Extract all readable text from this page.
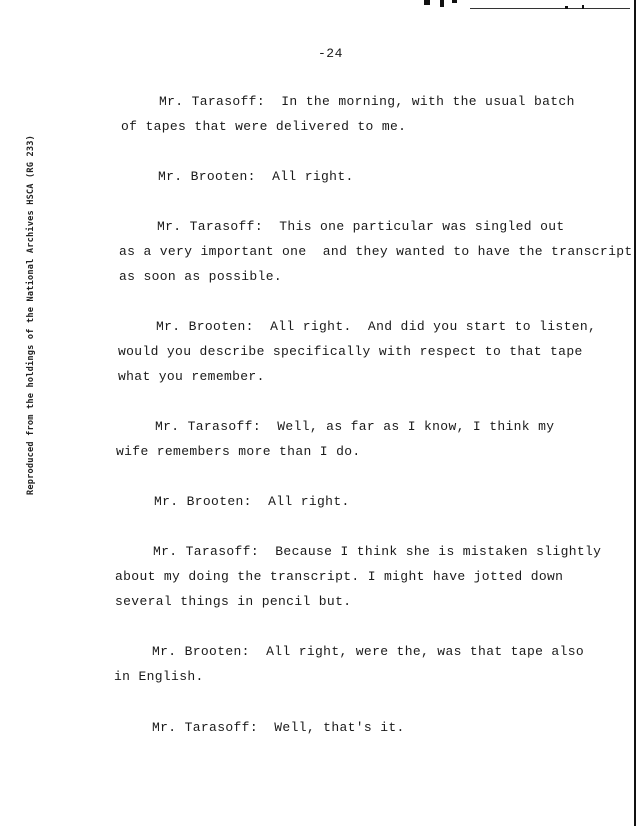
-24
Reproduced from the holdings of the National Archives HSCA (RG 233)
Mr. Tarasoff:  In the morning, with the usual batch
of tapes that were delivered to me.
Mr. Brooten:  All right.
Mr. Tarasoff:  This one particular was singled out
as a very important one  and they wanted to have the transcript
as soon as possible.
Mr. Brooten:  All right.  And did you start to listen,
would you describe specifically with respect to that tape
what you remember.
Mr. Tarasoff:  Well, as far as I know, I think my
wife remembers more than I do.
Mr. Brooten:  All right.
Mr. Tarasoff:  Because I think she is mistaken slightly
about my doing the transcript. I might have jotted down
several things in pencil but.
Mr. Brooten:  All right, were the, was that tape also
in English.
Mr. Tarasoff:  Well, that's it.
